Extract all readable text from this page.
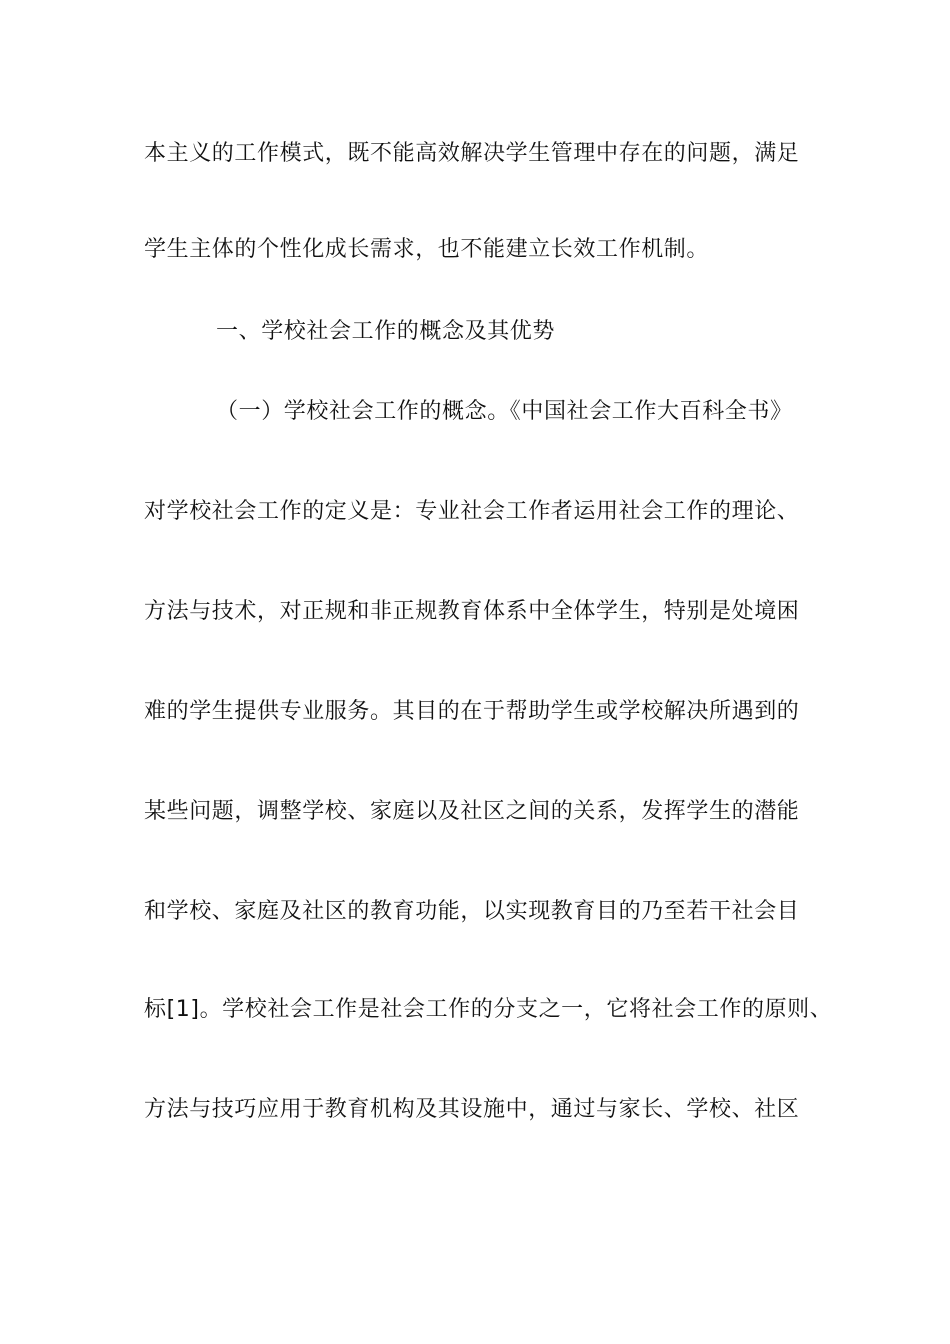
本主义的工作模式，既不能高效解决学生管理中存在的问题，满足
学生主体的个性化成长需求，也不能建立长效工作机制。
一、学校社会工作的概念及其优势
（一）学校社会工作的概念。《中国社会工作大百科全书》
对学校社会工作的定义是：专业社会工作者运用社会工作的理论、
方法与技术，对正规和非正规教育体系中全体学生，特别是处境困
难的学生提供专业服务。其目的在于帮助学生或学校解决所遇到的
某些问题，调整学校、家庭以及社区之间的关系，发挥学生的潜能
和学校、家庭及社区的教育功能，以实现教育目的乃至若干社会目
标[1]。学校社会工作是社会工作的分支之一，它将社会工作的原则、
方法与技巧应用于教育机构及其设施中，通过与家长、学校、社区
